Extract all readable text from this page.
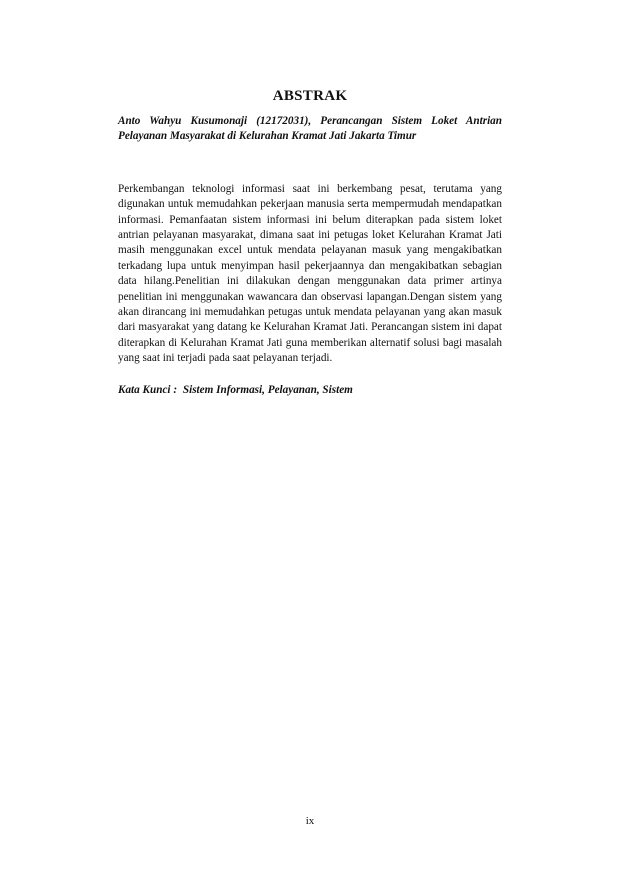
ABSTRAK

Anto Wahyu Kusumonaji (12172031), Perancangan Sistem Loket Antrian Pelayanan Masyarakat di Kelurahan Kramat Jati Jakarta Timur

Perkembangan teknologi informasi saat ini berkembang pesat, terutama yang digunakan untuk memudahkan pekerjaan manusia serta mempermudah mendapatkan informasi. Pemanfaatan sistem informasi ini belum diterapkan pada sistem loket antrian pelayanan masyarakat, dimana saat ini petugas loket Kelurahan Kramat Jati masih menggunakan excel untuk mendata pelayanan masuk yang mengakibatkan terkadang lupa untuk menyimpan hasil pekerjaannya dan mengakibatkan sebagian data hilang.Penelitian ini dilakukan dengan menggunakan data primer artinya penelitian ini menggunakan wawancara dan observasi lapangan.Dengan sistem yang akan dirancang ini memudahkan petugas untuk mendata pelayanan yang akan masuk dari masyarakat yang datang ke Kelurahan Kramat Jati. Perancangan sistem ini dapat diterapkan di Kelurahan Kramat Jati guna memberikan alternatif solusi bagi masalah yang saat ini terjadi pada saat pelayanan terjadi.

Kata Kunci : Sistem Informasi, Pelayanan, Sistem

ix
